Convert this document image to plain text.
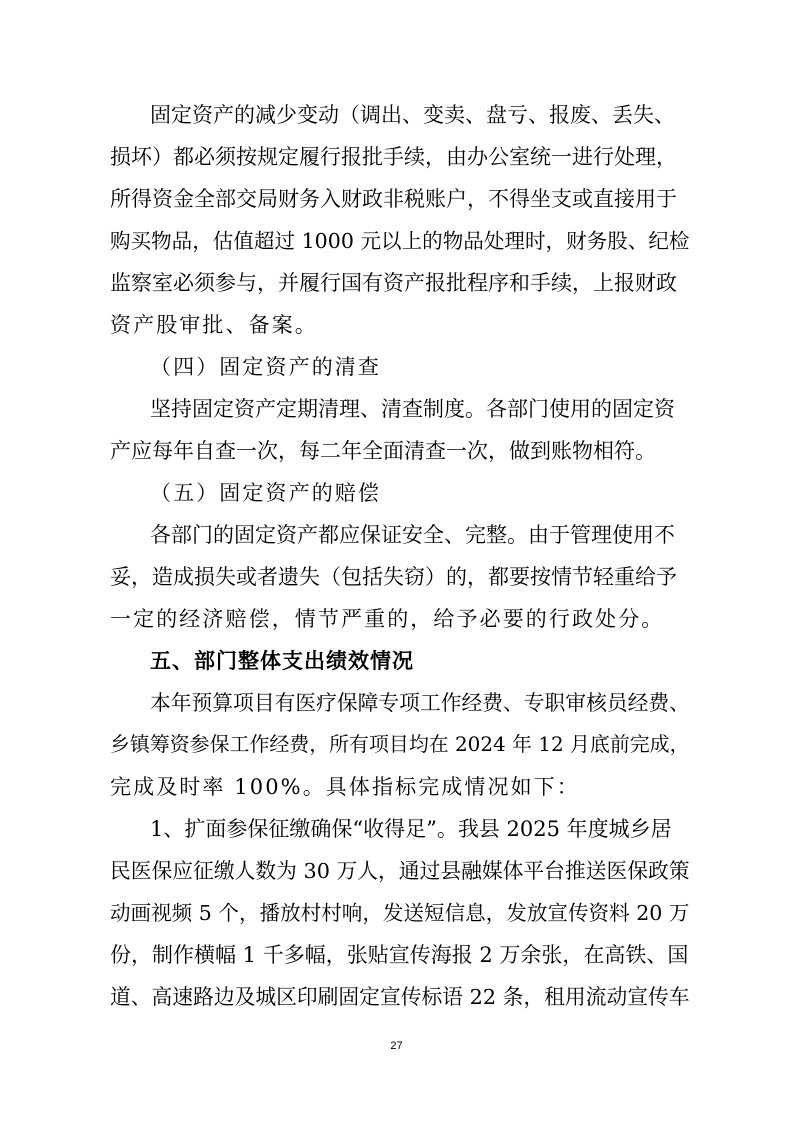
固定资产的减少变动（调出、变卖、盘亏、报废、丢失、
损坏）都必须按规定履行报批手续，由办公室统一进行处理，
所得资金全部交局财务入财政非税账户，不得坐支或直接用于
购买物品，估值超过 1000 元以上的物品处理时，财务股、纪检
监察室必须参与，并履行国有资产报批程序和手续，上报财政
资产股审批、备案。
（四）固定资产的清查
坚持固定资产定期清理、清查制度。各部门使用的固定资
产应每年自查一次，每二年全面清查一次，做到账物相符。
（五）固定资产的赔偿
各部门的固定资产都应保证安全、完整。由于管理使用不
妥，造成损失或者遗失（包括失窃）的，都要按情节轻重给予
一定的经济赔偿，情节严重的，给予必要的行政处分。
五、部门整体支出绩效情况
本年预算项目有医疗保障专项工作经费、专职审核员经费、
乡镇筹资参保工作经费，所有项目均在 2024 年 12 月底前完成，
完成及时率 100%。具体指标完成情况如下：
1、扩面参保征缴确保“收得足”。我县 2025 年度城乡居
民医保应征缴人数为 30 万人，通过县融媒体平台推送医保政策
动画视频 5 个，播放村村响，发送短信息，发放宣传资料 20 万
份，制作横幅 1 千多幅，张贴宣传海报 2 万余张，在高铁、国
道、高速路边及城区印刷固定宣传标语 22 条，租用流动宣传车
27
